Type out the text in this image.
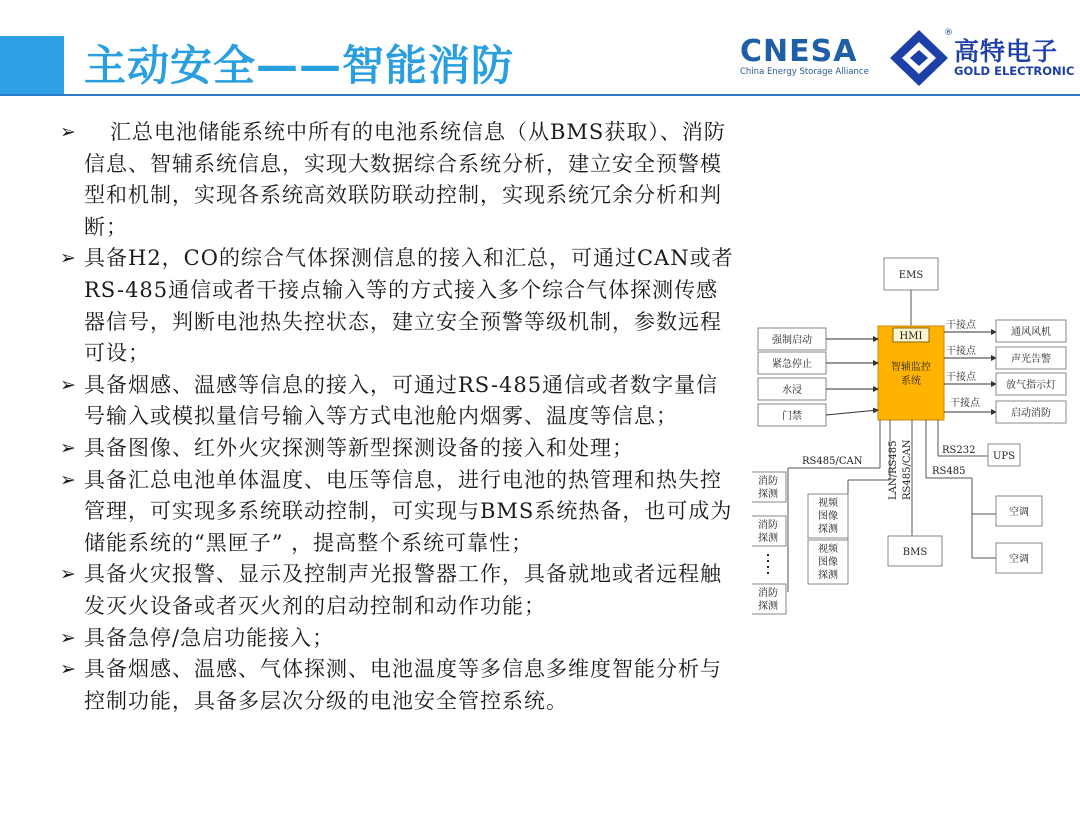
主动安全——智能消防	CNESA
China Energy Storage Alliance
高特电子
GOLD ELECTRONIC
®
➢ 汇总电池储能系统中所有的电池系统信息（从BMS获取）、消防信息、智辅系统信息，实现大数据综合系统分析，建立安全预警模型和机制，实现各系统高效联防联动控制，实现系统冗余分析和判断；
➢ 具备H2，CO的综合气体探测信息的接入和汇总，可通过CAN或者RS-485通信或者干接点输入等的方式接入多个综合气体探测传感器信号，判断电池热失控状态，建立安全预警等级机制，参数远程可设；
➢ 具备烟感、温感等信息的接入，可通过RS-485通信或者数字量信号输入或模拟量信号输入等方式电池舱内烟雾、温度等信息；
➢ 具备图像、红外火灾探测等新型探测设备的接入和处理；
➢ 具备汇总电池单体温度、电压等信息，进行电池的热管理和热失控管理，可实现多系统联动控制，可实现与BMS系统热备，也可成为储能系统的“黑匣子” ，提高整个系统可靠性；
➢ 具备火灾报警、显示及控制声光报警器工作，具备就地或者远程触发灭火设备或者灭火剂的启动控制和动作功能；
➢ 具备急停/急启功能接入；
➢ 具备烟感、温感、气体探测、电池温度等多信息多维度智能分析与控制功能，具备多层次分级的电池安全管控系统。
EMS
HMI
智辅监控
系统
强制启动
紧急停止
水浸
门禁
干接点
通风风机
干接点
声光告警
干接点
放气指示灯
干接点
启动消防
RS485/CAN
消防
探测
消防
探测
消防
探测
LAN/RS485
视频
图像
探测
视频
图像
探测
RS485/CAN
BMS
RS232
UPS
RS485
空调
空调
